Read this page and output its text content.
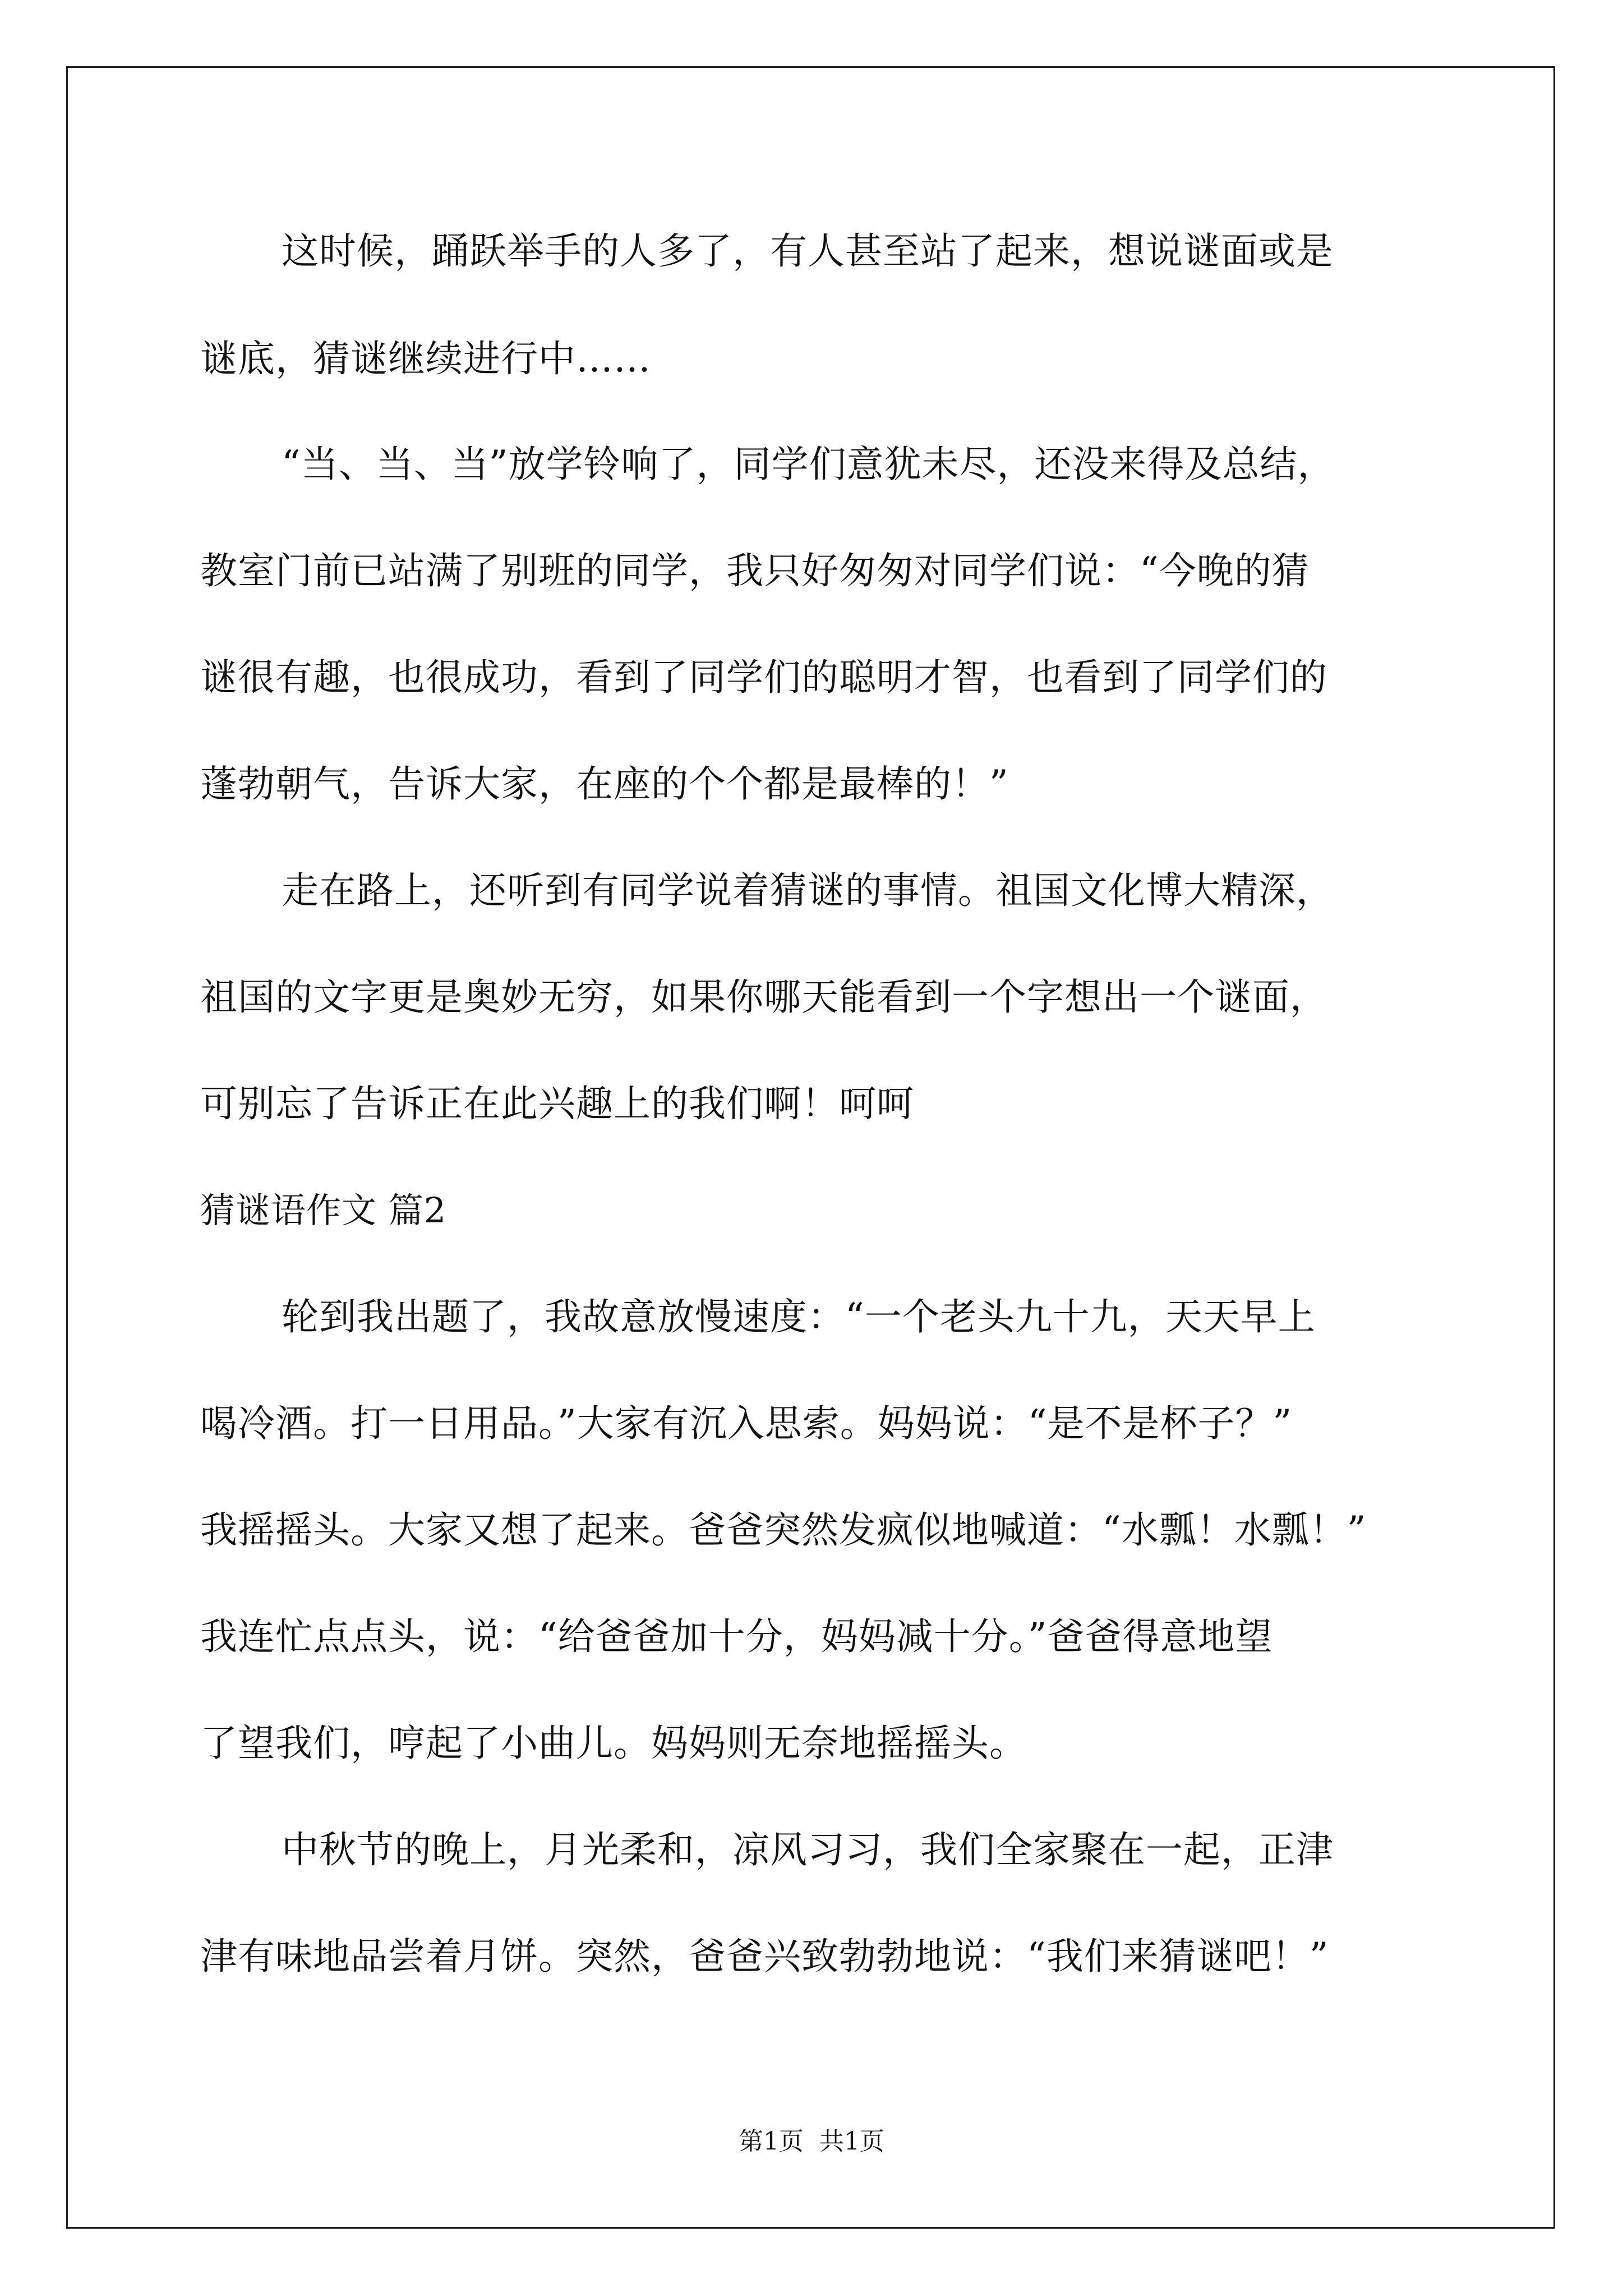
这时候，踊跃举手的人多了，有人甚至站了起来，想说谜面或是
谜底，猜谜继续进行中……
“当、当、当”放学铃响了，同学们意犹未尽，还没来得及总结，
教室门前已站满了别班的同学，我只好匆匆对同学们说：“今晚的猜
谜很有趣，也很成功，看到了同学们的聪明才智，也看到了同学们的
蓬勃朝气，告诉大家，在座的个个都是最棒的！”
走在路上，还听到有同学说着猜谜的事情。祖国文化博大精深，
祖国的文字更是奥妙无穷，如果你哪天能看到一个字想出一个谜面，
可别忘了告诉正在此兴趣上的我们啊！呵呵
猜谜语作文 篇2
轮到我出题了，我故意放慢速度：“一个老头九十九，天天早上
喝冷酒。打一日用品。”大家有沉入思索。妈妈说：“是不是杯子？”
我摇摇头。大家又想了起来。爸爸突然发疯似地喊道：“水瓢！水瓢！”
我连忙点点头，说：“给爸爸加十分，妈妈减十分。”爸爸得意地望
了望我们，哼起了小曲儿。妈妈则无奈地摇摇头。
中秋节的晚上，月光柔和，凉风习习，我们全家聚在一起，正津
津有味地品尝着月饼。突然，爸爸兴致勃勃地说：“我们来猜谜吧！”
第1页  共1页
